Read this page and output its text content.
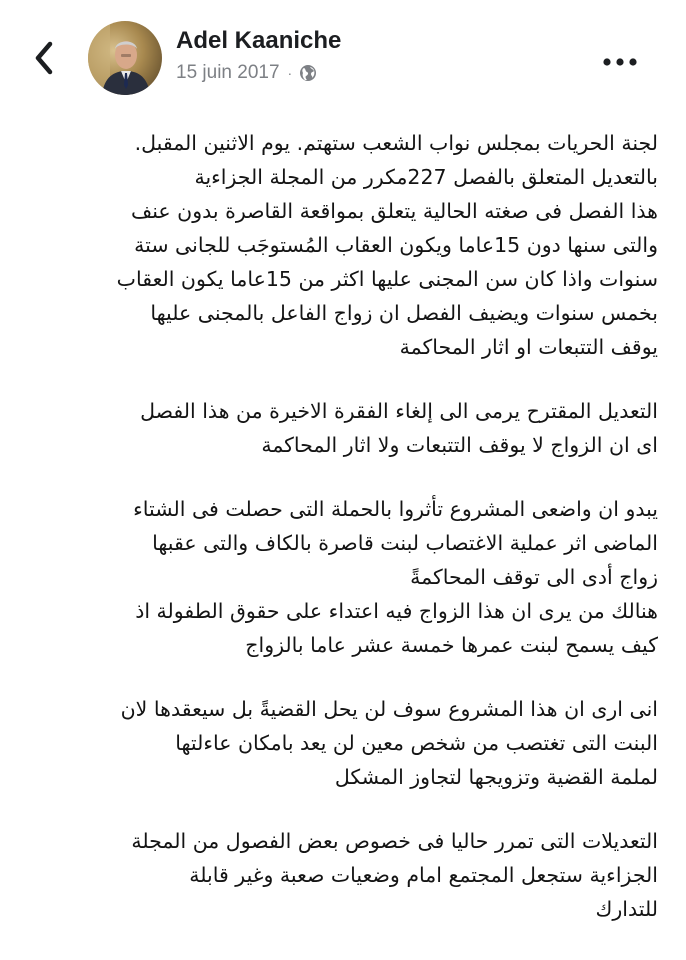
Adel Kaaniche
15 juin 2017 ·

لجنة الحريات بمجلس نواب الشعب ستهتم. يوم الاثنين المقبل.
بالتعديل المتعلق بالفصل 227مكرر من المجلة الجزاءية
هذا الفصل فى صغته الحالية يتعلق بمواقعة القاصرة بدون عنف
والتى سنها دون 15عاما ويكون العقاب المُستوجَب للجانى ستة
سنوات واذا كان سن المجنى عليها اكثر من 15عاما يكون العقاب
بخمس سنوات ويضيف الفصل ان زواج الفاعل بالمجنى عليها
يوقف التتبعات او اثار المحاكمة

التعديل المقترح يرمى الى إلغاء الفقرة الاخيرة من هذا الفصل
اى ان الزواج لا يوقف التتبعات ولا اثار المحاكمة

يبدو ان واضعى المشروع تأثروا بالحملة التى حصلت فى الشتاء
الماضى اثر عملية الاغتصاب لبنت قاصرة بالكاف والتى عقبها
زواج أدى الى توقف المحاكمةً
هنالك من يرى ان هذا الزواج فيه اعتداء على حقوق الطفولة اذ
كيف يسمح لبنت عمرها خمسة عشر عاما بالزواج

انى ارى ان هذا المشروع سوف لن يحل القضيةً بل سيعقدها لان
البنت التى تغتصب من شخص معين لن يعد بامكان عاءلتها
لملمة القضية وتزويجها لتجاوز المشكل

التعديلات التى تمرر حاليا فى خصوص بعض الفصول من المجلة
الجزاءية ستجعل المجتمع امام وضعيات صعبة وغير قابلة
للتدارك
